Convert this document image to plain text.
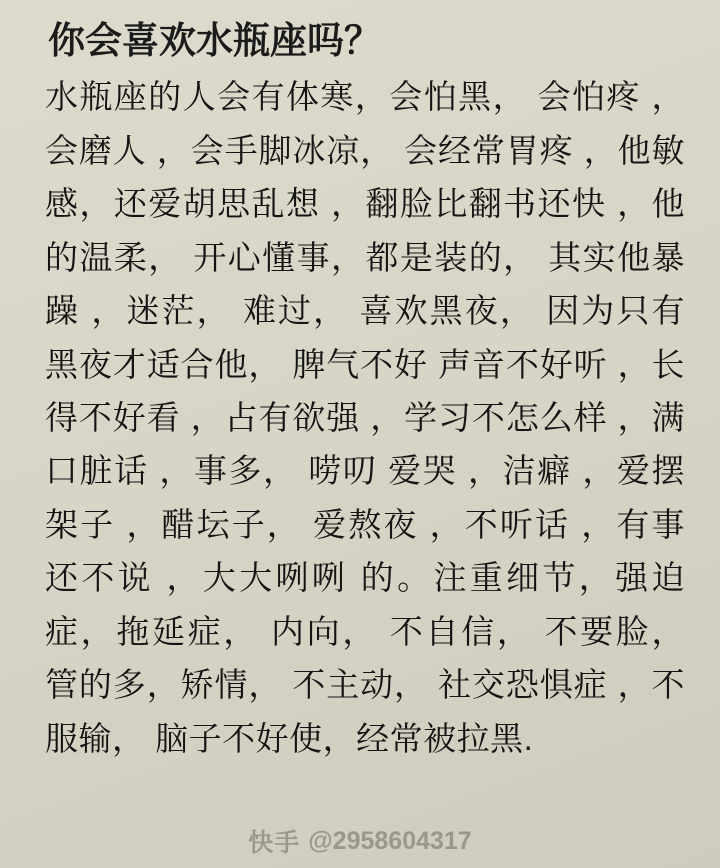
你会喜欢水瓶座吗？
水瓶座的人会有体寒，会怕黑， 会怕疼 ， 会磨人 ，会手脚冰凉， 会经常胃疼 ，他敏感，还爱胡思乱想 ，翻脸比翻书还快 ，他的温柔， 开心懂事，都是装的， 其实他暴躁 ，迷茫， 难过， 喜欢黑夜， 因为只有黑夜才适合他， 脾气不好 声音不好听 ，长得不好看 ，占有欲强 ，学习不怎么样 ，满口脏话 ，事多， 唠叨 爱哭 ，洁癖 ，爱摆架子 ，醋坛子， 爱熬夜 ，不听话 ，有事还不说 ，大大咧咧 的。注重细节，强迫症，拖延症， 内向， 不自信， 不要脸， 管的多，矫情， 不主动， 社交恐惧症 ，不服输， 脑子不好使，经常被拉黑.
快手 @2958604317
